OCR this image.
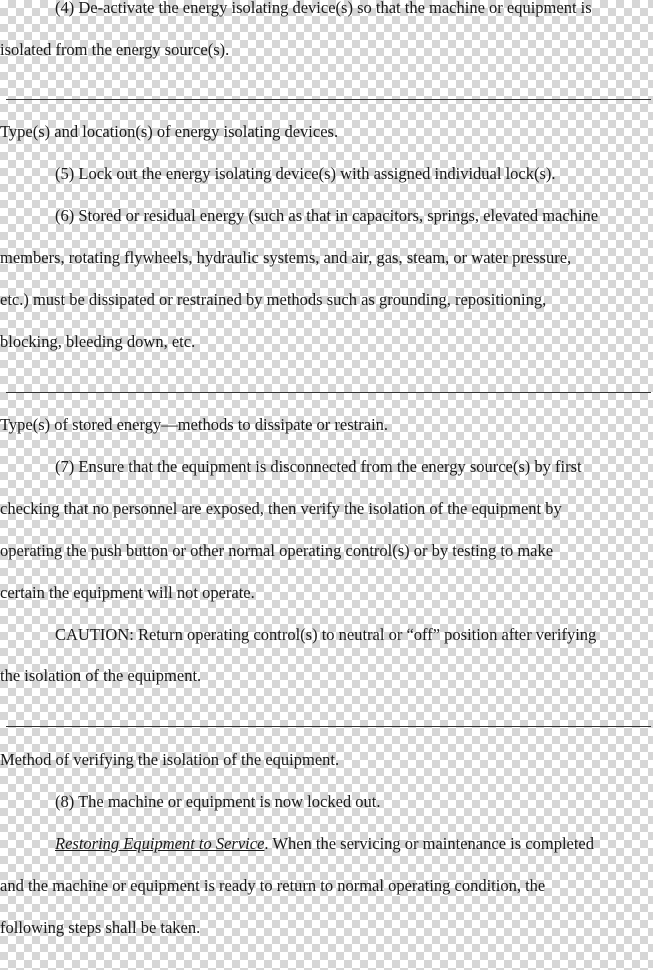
(4) De-activate the energy isolating device(s) so that the machine or equipment is
isolated from the energy source(s).
Type(s) and location(s) of energy isolating devices.
(5) Lock out the energy isolating device(s) with assigned individual lock(s).
(6) Stored or residual energy (such as that in capacitors, springs, elevated machine
members, rotating flywheels, hydraulic systems, and air, gas, steam, or water pressure,
etc.) must be dissipated or restrained by methods such as grounding, repositioning,
blocking, bleeding down, etc.
Type(s) of stored energy—methods to dissipate or restrain.
(7) Ensure that the equipment is disconnected from the energy source(s) by first
checking that no personnel are exposed, then verify the isolation of the equipment by
operating the push button or other normal operating control(s) or by testing to make
certain the equipment will not operate.
CAUTION: Return operating control(s) to neutral or “off” position after verifying
the isolation of the equipment.
Method of verifying the isolation of the equipment.
(8) The machine or equipment is now locked out.
Restoring Equipment to Service. When the servicing or maintenance is completed
and the machine or equipment is ready to return to normal operating condition, the
following steps shall be taken.
